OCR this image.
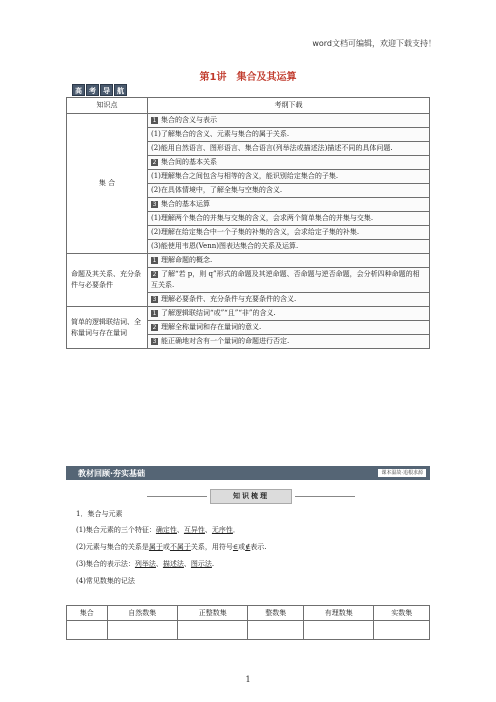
word文档可编辑，欢迎下载支持！
第1讲　集合及其运算
高	考	导	航
知识点	考纲下载
集 合	1 集合的含义与表示
	(1)了解集合的含义、元素与集合的属于关系.
	(2)能用自然语言、图形语言、集合语言(列举法或描述法)描述不同的具体问题.
	2 集合间的基本关系
	(1)理解集合之间包含与相等的含义，能识别给定集合的子集.
	(2)在具体情境中，了解全集与空集的含义.
	3 集合的基本运算
	(1)理解两个集合的并集与交集的含义，会求两个简单集合的并集与交集.
	(2)理解在给定集合中一个子集的补集的含义，会求给定子集的补集.
	(3)能使用韦恩(Venn)图表达集合的关系及运算.
命题及其关系、充分条件与必要条件	1 理解命题的概念.
	2 了解“若 p，则 q”形式的命题及其逆命题、否命题与逆否命题，会分析四种命题的相互关系.
	3 理解必要条件、充分条件与充要条件的含义.
简单的逻辑联结词、全称量词与存在量词	1 了解逻辑联结词“或”“且”“非”的含义.
	2 理解全称量词和存在量词的意义.
	3 能正确地对含有一个量词的命题进行否定.
教材回顾·夯实基础	课本温故·追根求源
知识梳理
1．集合与元素
(1)集合元素的三个特征：确定性、互异性、无序性．
(2)元素与集合的关系是属于或不属于关系，用符号∈或∉表示.
(3)集合的表示法：列举法、描述法、图示法.
(4)常见数集的记法
集合	自然数集	正整数集	整数集	有理数集	实数集

1
